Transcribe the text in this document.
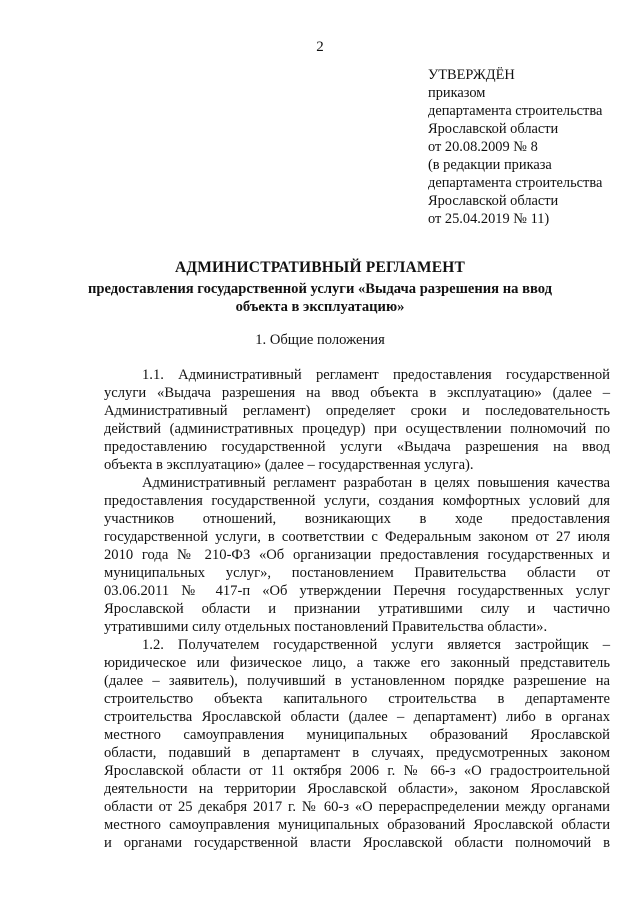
2
УТВЕРЖДЁН
приказом
департамента строительства
Ярославской области
от 20.08.2009 № 8
(в редакции приказа
департамента строительства
Ярославской области
от 25.04.2019 № 11)
АДМИНИСТРАТИВНЫЙ РЕГЛАМЕНТ
предоставления государственной услуги «Выдача разрешения на ввод
объекта в эксплуатацию»
1. Общие положения
1.1. Административный регламент предоставления государственной
услуги «Выдача разрешения на ввод объекта в эксплуатацию» (далее –
Административный регламент) определяет сроки и последовательность
действий (административных процедур) при осуществлении полномочий по
предоставлению государственной услуги «Выдача разрешения на ввод
объекта в эксплуатацию» (далее – государственная услуга).
Административный регламент разработан в целях повышения качества
предоставления государственной услуги, создания комфортных условий для
участников отношений, возникающих в ходе предоставления
государственной услуги, в соответствии с Федеральным законом от 27 июля
2010 года № 210-ФЗ «Об организации предоставления государственных и
муниципальных услуг», постановлением Правительства области от
03.06.2011 № 417-п «Об утверждении Перечня государственных услуг
Ярославской области и признании утратившими силу и частично
утратившими силу отдельных постановлений Правительства области».
1.2. Получателем государственной услуги является застройщик –
юридическое или физическое лицо, а также его законный представитель
(далее – заявитель), получивший в установленном порядке разрешение на
строительство объекта капитального строительства в департаменте
строительства Ярославской области (далее – департамент) либо в органах
местного самоуправления муниципальных образований Ярославской
области, подавший в департамент в случаях, предусмотренных законом
Ярославской области от 11 октября 2006 г. № 66-з «О градостроительной
деятельности на территории Ярославской области», законом Ярославской
области от 25 декабря 2017 г. № 60-з «О перераспределении между органами
местного самоуправления муниципальных образований Ярославской области
и органами государственной власти Ярославской области полномочий в
